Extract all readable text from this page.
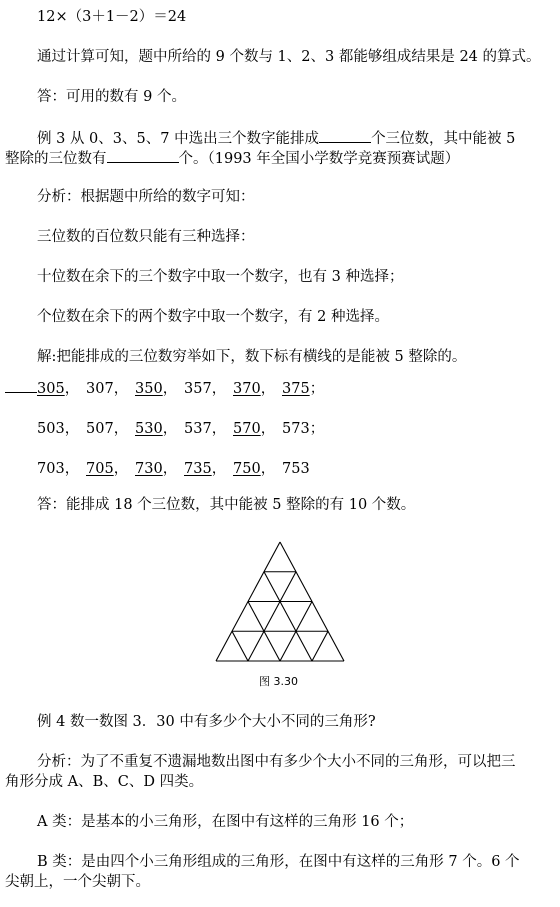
12×（3＋1－2）＝24
通过计算可知，题中所给的 9 个数与 1、2、3 都能够组成结果是 24 的算式。
答：可用的数有 9 个。
例 3 从 0、3、5、7 中选出三个数字能排成	个三位数，其中能被 5
整除的三位数有	个。（1993 年全国小学数学竞赛预赛试题）
分析：根据题中所给的数字可知：
三位数的百位数只能有三种选择：
十位数在余下的三个数字中取一个数字，也有 3 种选择；
个位数在余下的两个数字中取一个数字，有 2 种选择。
解:把能排成的三位数穷举如下，数下标有横线的是能被 5 整除的。
305， 307， 350， 357， 370， 375；
503， 507， 530， 537， 570， 573；
703， 705， 730， 735， 750， 753
答：能排成 18 个三位数，其中能被 5 整除的有 10 个数。
图 3.30
例 4 数一数图 3．30 中有多少个大小不同的三角形?
分析：为了不重复不遗漏地数出图中有多少个大小不同的三角形，可以把三
角形分成 A、B、C、D 四类。
A 类：是基本的小三角形，在图中有这样的三角形 16 个；
B 类：是由四个小三角形组成的三角形，在图中有这样的三角形 7 个。6 个
尖朝上，一个尖朝下。
